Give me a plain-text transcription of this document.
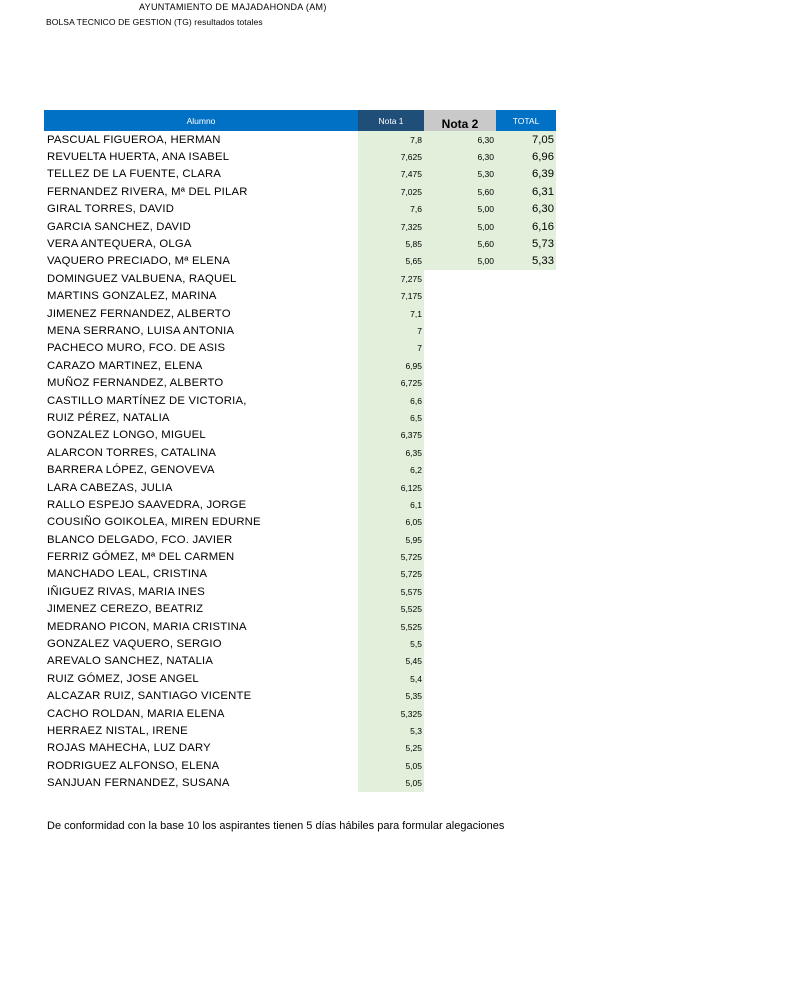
AYUNTAMIENTO DE MAJADAHONDA (AM)
BOLSA TECNICO DE GESTION (TG) resultados totales
Alumno	Nota 1	Nota 2	TOTAL
PASCUAL FIGUEROA, HERMAN	7,8	6,30	7,05
REVUELTA HUERTA, ANA ISABEL	7,625	6,30	6,96
TELLEZ DE LA FUENTE, CLARA	7,475	5,30	6,39
FERNANDEZ RIVERA, Mª DEL PILAR	7,025	5,60	6,31
GIRAL TORRES, DAVID	7,6	5,00	6,30
GARCIA SANCHEZ, DAVID	7,325	5,00	6,16
VERA ANTEQUERA, OLGA	5,85	5,60	5,73
VAQUERO PRECIADO, Mª ELENA	5,65	5,00	5,33
DOMINGUEZ VALBUENA, RAQUEL	7,275		
MARTINS GONZALEZ, MARINA	7,175		
JIMENEZ FERNANDEZ, ALBERTO	7,1		
MENA SERRANO, LUISA ANTONIA	7		
PACHECO MURO, FCO. DE ASIS	7		
CARAZO MARTINEZ, ELENA	6,95		
MUÑOZ FERNANDEZ, ALBERTO	6,725		
CASTILLO MARTÍNEZ DE VICTORIA,	6,6		
RUIZ PÉREZ, NATALIA	6,5		
GONZALEZ LONGO, MIGUEL	6,375		
ALARCON TORRES, CATALINA	6,35		
BARRERA LÓPEZ, GENOVEVA	6,2		
LARA CABEZAS, JULIA	6,125		
RALLO ESPEJO SAAVEDRA, JORGE	6,1		
COUSIÑO GOIKOLEA, MIREN EDURNE	6,05		
BLANCO DELGADO, FCO. JAVIER	5,95		
FERRIZ GÓMEZ, Mª DEL CARMEN	5,725		
MANCHADO LEAL, CRISTINA	5,725		
IÑIGUEZ RIVAS, MARIA INES	5,575		
JIMENEZ CEREZO, BEATRIZ	5,525		
MEDRANO PICON, MARIA CRISTINA	5,525		
GONZALEZ VAQUERO, SERGIO	5,5		
AREVALO SANCHEZ, NATALIA	5,45		
RUIZ GÓMEZ, JOSE ANGEL	5,4		
ALCAZAR RUIZ, SANTIAGO VICENTE	5,35		
CACHO ROLDAN, MARIA ELENA	5,325		
HERRAEZ NISTAL, IRENE	5,3		
ROJAS MAHECHA, LUZ DARY	5,25		
RODRIGUEZ ALFONSO, ELENA	5,05		
SANJUAN FERNANDEZ, SUSANA	5,05		
De conformidad con la base 10 los aspirantes tienen 5 días hábiles para formular alegaciones
